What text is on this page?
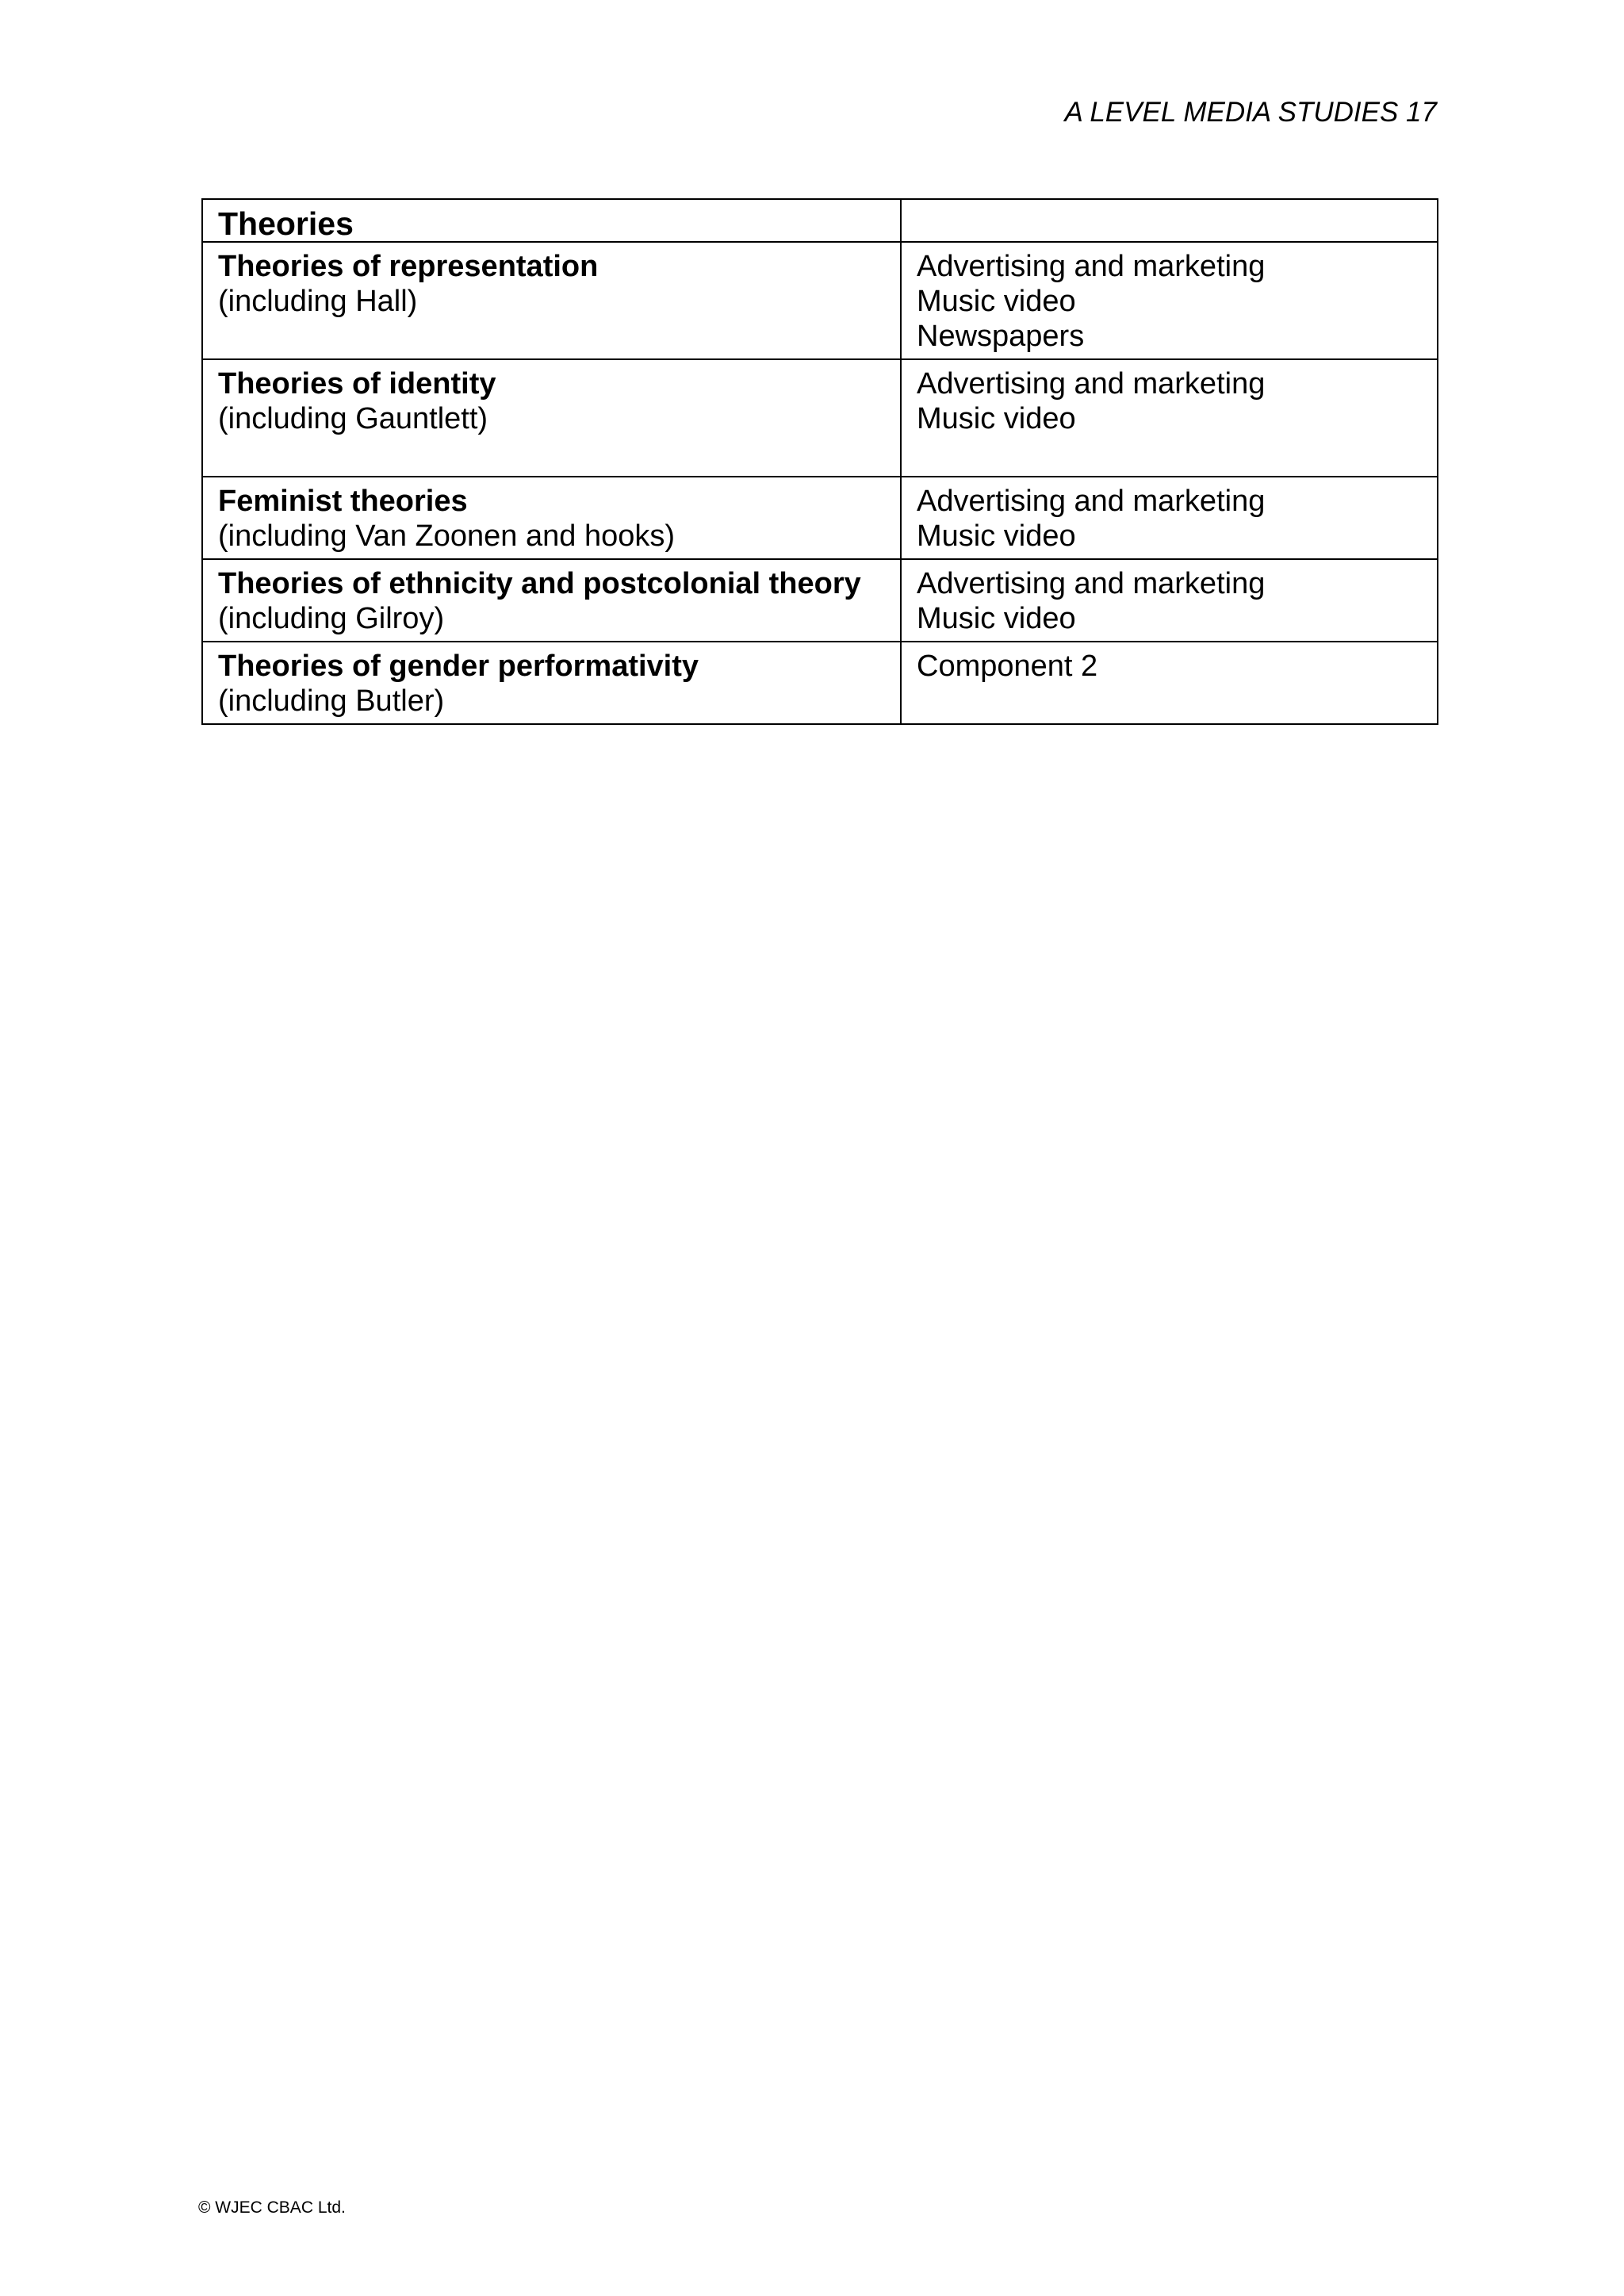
A LEVEL MEDIA STUDIES 17
Theories	

Theories of representation
(including Hall)	Advertising and marketing
Music video
Newspapers

Theories of identity
(including Gauntlett)	Advertising and marketing
Music video

Feminist theories
(including Van Zoonen and hooks)	Advertising and marketing
Music video

Theories of ethnicity and postcolonial theory
(including Gilroy)	Advertising and marketing
Music video

Theories of gender performativity
(including Butler)	Component 2
© WJEC CBAC Ltd.
